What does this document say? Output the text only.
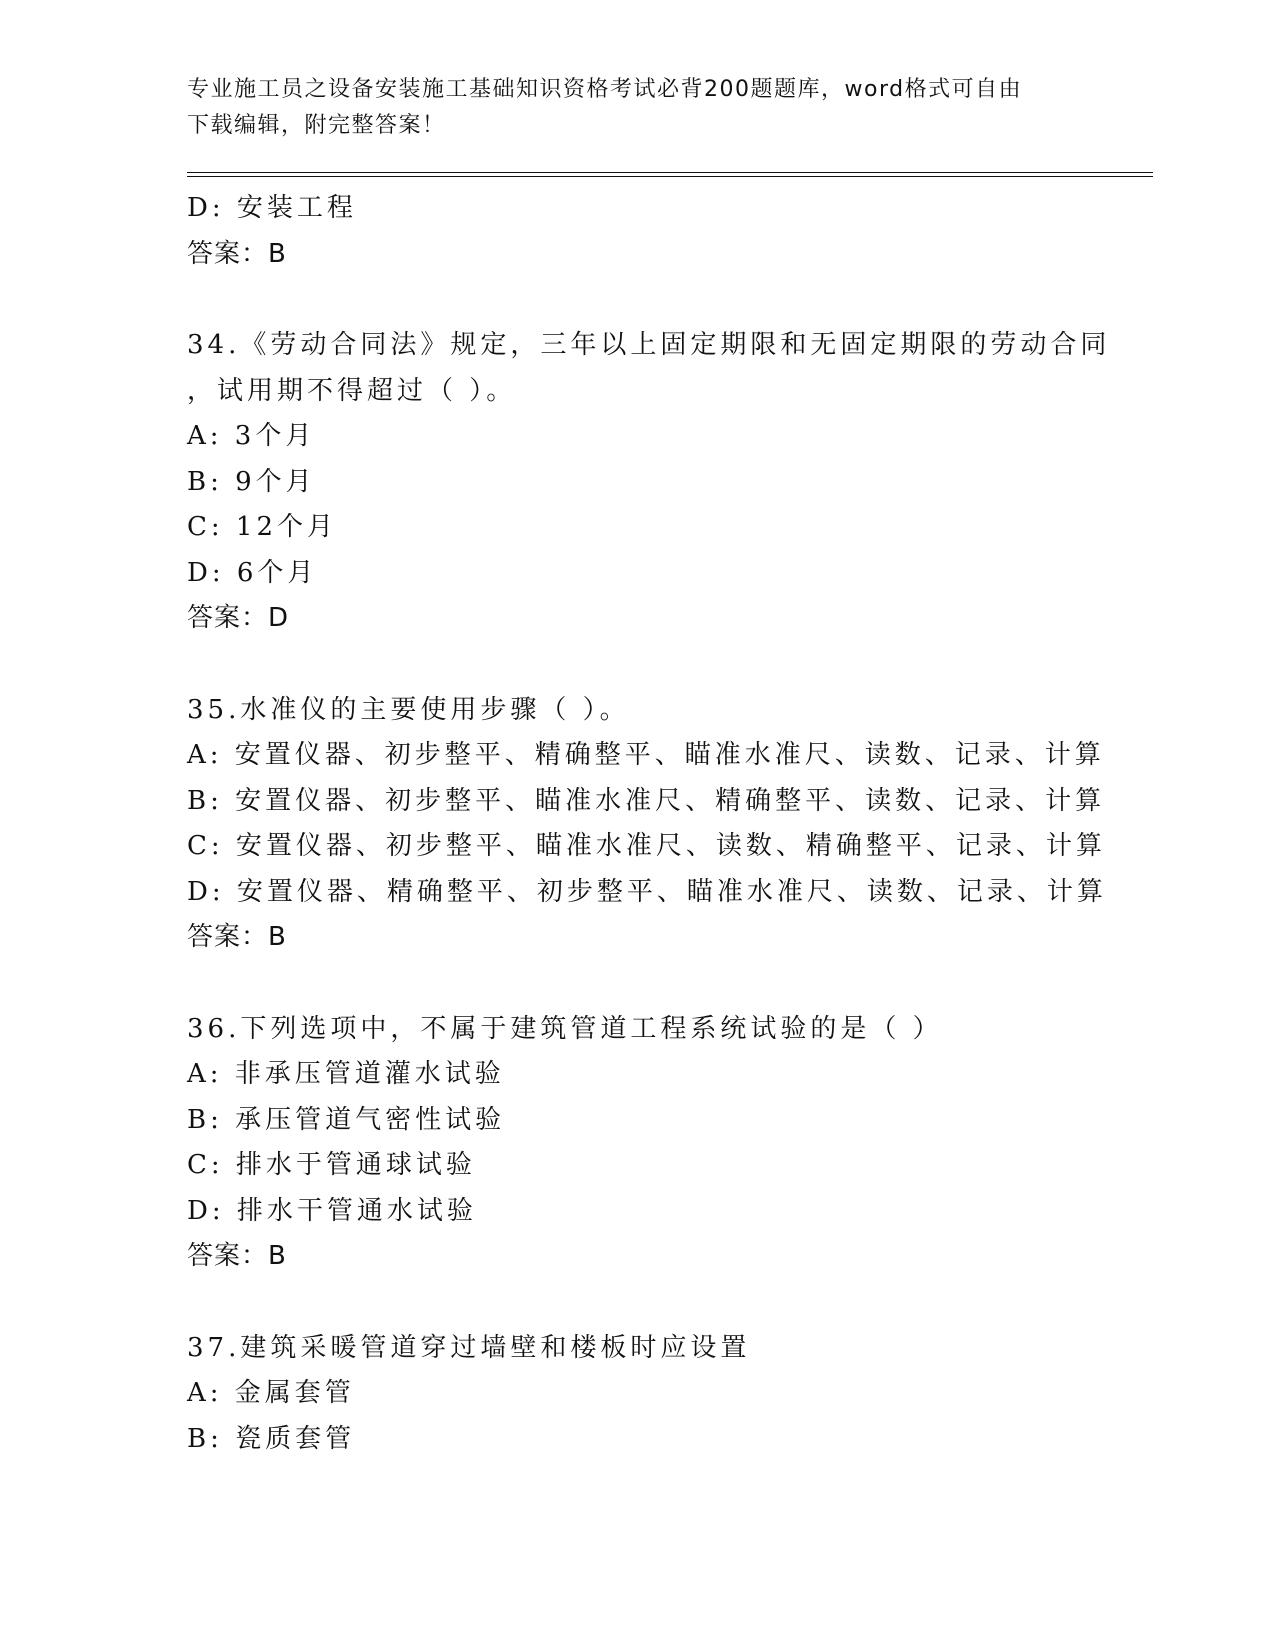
专业施工员之设备安装施工基础知识资格考试必背200题题库，word格式可自由
下载编辑，附完整答案！
D: 安装工程
答案：B
34.《劳动合同法》规定，三年以上固定期限和无固定期限的劳动合同
，试用期不得超过（ ）。
A: 3个月
B: 9个月
C: 12个月
D: 6个月
答案：D
35.水准仪的主要使用步骤（ ）。
A: 安置仪器、初步整平、精确整平、瞄准水准尺、读数、记录、计算
B: 安置仪器、初步整平、瞄准水准尺、精确整平、读数、记录、计算
C: 安置仪器、初步整平、瞄准水准尺、读数、精确整平、记录、计算
D: 安置仪器、精确整平、初步整平、瞄准水准尺、读数、记录、计算
答案：B
36.下列选项中，不属于建筑管道工程系统试验的是（ ）
A: 非承压管道灌水试验
B: 承压管道气密性试验
C: 排水于管通球试验
D: 排水干管通水试验
答案：B
37.建筑采暖管道穿过墙壁和楼板时应设置
A: 金属套管
B: 瓷质套管
